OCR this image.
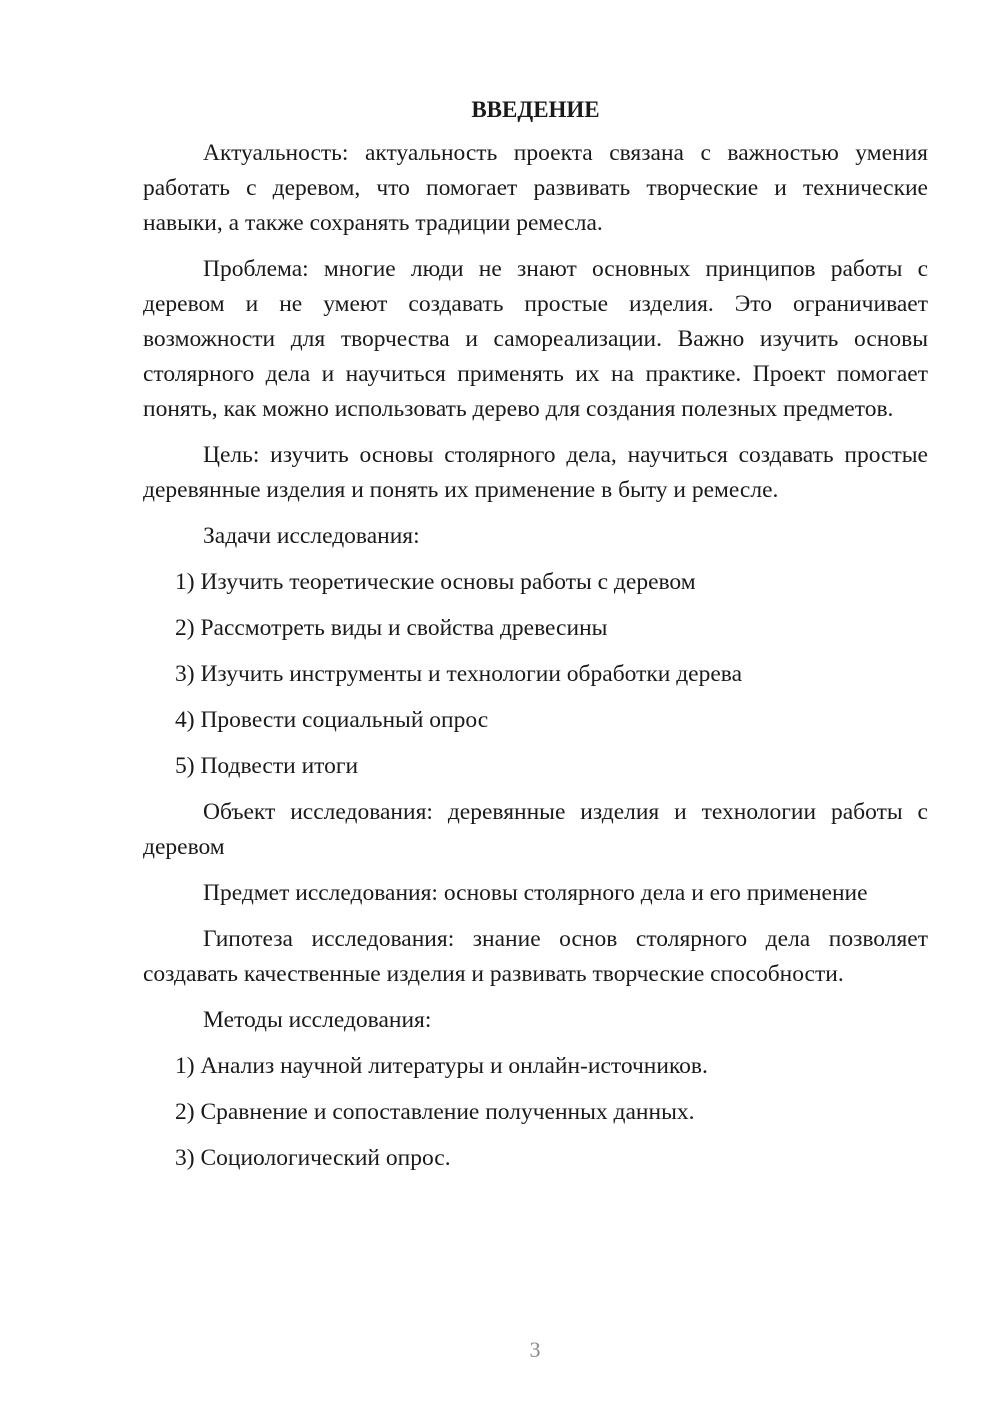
ВВЕДЕНИЕ

Актуальность: актуальность проекта связана с важностью умения работать с деревом, что помогает развивать творческие и технические навыки, а также сохранять традиции ремесла.

Проблема: многие люди не знают основных принципов работы с деревом и не умеют создавать простые изделия. Это ограничивает возможности для творчества и самореализации. Важно изучить основы столярного дела и научиться применять их на практике. Проект помогает понять, как можно использовать дерево для создания полезных предметов.

Цель: изучить основы столярного дела, научиться создавать простые деревянные изделия и понять их применение в быту и ремесле.

Задачи исследования:

1) Изучить теоретические основы работы с деревом
2) Рассмотреть виды и свойства древесины
3) Изучить инструменты и технологии обработки дерева
4) Провести социальный опрос
5) Подвести итоги

Объект исследования: деревянные изделия и технологии работы с деревом

Предмет исследования: основы столярного дела и его применение

Гипотеза исследования: знание основ столярного дела позволяет создавать качественные изделия и развивать творческие способности.

Методы исследования:

1) Анализ научной литературы и онлайн-источников.
2) Сравнение и сопоставление полученных данных.
3) Социологический опрос.
3
